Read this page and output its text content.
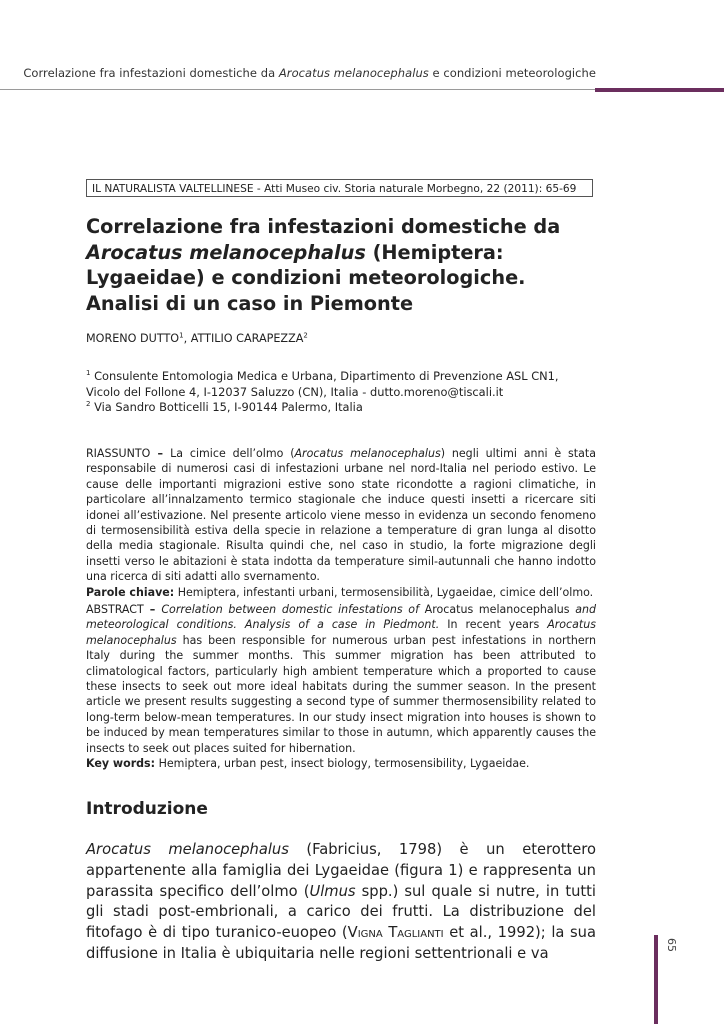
Correlazione fra infestazioni domestiche da Arocatus melanocephalus e condizioni meteorologiche
IL NATURALISTA VALTELLINESE - Atti Museo civ. Storia naturale Morbegno, 22 (2011): 65-69
Correlazione fra infestazioni domestiche da Arocatus melanocephalus (Hemiptera: Lygaeidae) e condizioni meteorologiche. Analisi di un caso in Piemonte
MORENO DUTTO$^1$, ATTILIO CARAPEZZA$^2$

$^1$ Consulente Entomologia Medica e Urbana, Dipartimento di Prevenzione ASL CN1, Vicolo del Follone 4, I-12037 Saluzzo (CN), Italia - dutto.moreno@tiscali.it

$^2$ Via Sandro Botticelli 15, I-90144 Palermo, Italia

RIASSUNTO – La cimice dell’olmo (Arocatus melanocephalus) negli ultimi anni è stata responsabile di numerosi casi di infestazioni urbane nel nord-Italia nel periodo estivo. Le cause delle importanti migrazioni estive sono state ricondotte a ragioni climatiche, in particolare all’innalzamento termico stagionale che induce questi insetti a ricercare siti idonei all’estivazione. Nel presente articolo viene messo in evidenza un secondo fenomeno di termosensibilità estiva della specie in relazione a temperature di gran lunga al disotto della media stagionale. Risulta quindi che, nel caso in studio, la forte migrazione degli insetti verso le abitazioni è stata indotta da temperature simil-autunnali che hanno indotto una ricerca di siti adatti allo svernamento.

Parole chiave: Hemiptera, infestanti urbani, termosensibilità, Lygaeidae, cimice dell’olmo.

ABSTRACT – Correlation between domestic infestations of Arocatus melanocephalus and meteorological conditions. Analysis of a case in Piedmont. In recent years Arocatus melanocephalus has been responsible for numerous urban pest infestations in northern Italy during the summer months. This summer migration has been attributed to climatological factors, particularly high ambient temperature which a proported to cause these insects to seek out more ideal habitats during the summer season. In the present article we present results suggesting a second type of summer thermosensibility related to long-term below-mean temperatures. In our study insect migration into houses is shown to be induced by mean temperatures similar to those in autumn, which apparently causes the insects to seek out places suited for hibernation.

Key words: Hemiptera, urban pest, insect biology, termosensibility, Lygaeidae.

Introduzione

Arocatus melanocephalus (Fabricius, 1798) è un eterottero appartenente alla famiglia dei Lygaeidae (figura 1) e rappresenta un parassita specifico dell’olmo (Ulmus spp.) sul quale si nutre, in tutti gli stadi post-embrionali, a carico dei frutti. La distribuzione del fitofago è di tipo turanico-euopeo (Vigna Taglianti et al., 1992); la sua diffusione in Italia è ubiquitaria nelle regioni settentrionali e va	65
